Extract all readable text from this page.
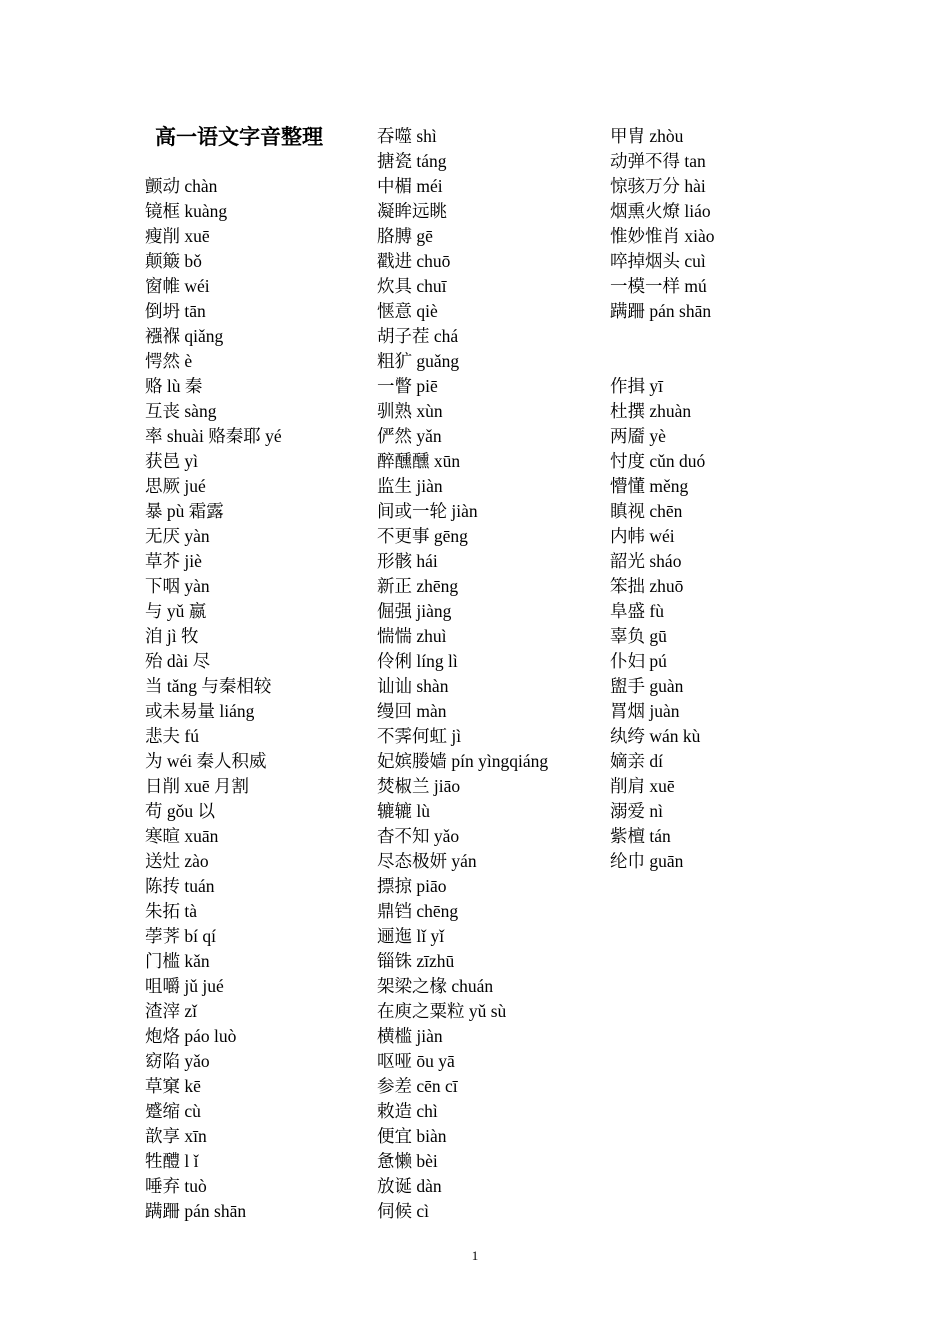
高一语文字音整理
颤动 chàn
镜框 kuàng
瘦削 xuē
颠簸 bǒ
窗帷 wéi
倒坍 tān
襁褓 qiǎng
愕然 è
赂 lù 秦
互丧 sàng
率 shuài 赂秦耶 yé
获邑 yì
思厥 jué
暴 pù 霜露
无厌 yàn
草芥 jiè
下咽 yàn
与 yǔ 嬴
洎 jì 牧
殆 dài 尽
当 tǎng 与秦相较
或未易量 liáng
悲夫 fú
为 wéi 秦人积威
日削 xuē 月割
苟 gǒu 以
寒暄 xuān
送灶 zào
陈抟 tuán
朱拓 tà
荸荠 bí qí
门槛 kǎn
咀嚼 jǔ jué
渣滓 zǐ
炮烙 páo luò
窈陷 yǎo
草窠 kē
蹙缩 cù
歆享 xīn
牲醴 l ǐ
唾弃 tuò
蹒跚 pán shān
吞噬 shì
搪瓷 táng
中楣 méi
凝眸远眺
胳膊 gē
戳进 chuō
炊具 chuī
惬意 qiè
胡子茬 chá
粗犷 guǎng
一瞥 piē
驯熟 xùn
俨然 yǎn
醉醺醺 xūn
监生 jiàn
间或一轮 jiàn
不更事 gēng
形骸 hái
新正 zhēng
倔强 jiàng
惴惴 zhuì
伶俐 líng lì
讪讪 shàn
缦回 màn
不霁何虹 jì
妃嫔媵嫱 pín yìngqiáng
焚椒兰 jiāo
辘辘 lù
杳不知 yǎo
尽态极妍 yán
摽掠 piāo
鼎铛 chēng
逦迤 lǐ yǐ
锱铢 zīzhū
架梁之椽 chuán
在庾之粟粒 yǔ sù
横槛 jiàn
呕哑 ōu yā
参差 cēn cī
敕造 chì
便宜 biàn
惫懒 bèi
放诞 dàn
伺候 cì
甲胄 zhòu
动弹不得 tan
惊骇万分 hài
烟熏火燎 liáo
惟妙惟肖 xiào
啐掉烟头 cuì
一模一样 mú
蹒跚 pán shān
作揖 yī
杜撰 zhuàn
两靥 yè
忖度 cǔn duó
懵懂 měng
瞋视 chēn
内帏 wéi
韶光 sháo
笨拙 zhuō
阜盛 fù
辜负 gū
仆妇 pú
盥手 guàn
罥烟 juàn
纨绔 wán kù
嫡亲 dí
削肩 xuē
溺爱 nì
紫檀 tán
纶巾 guān
1
